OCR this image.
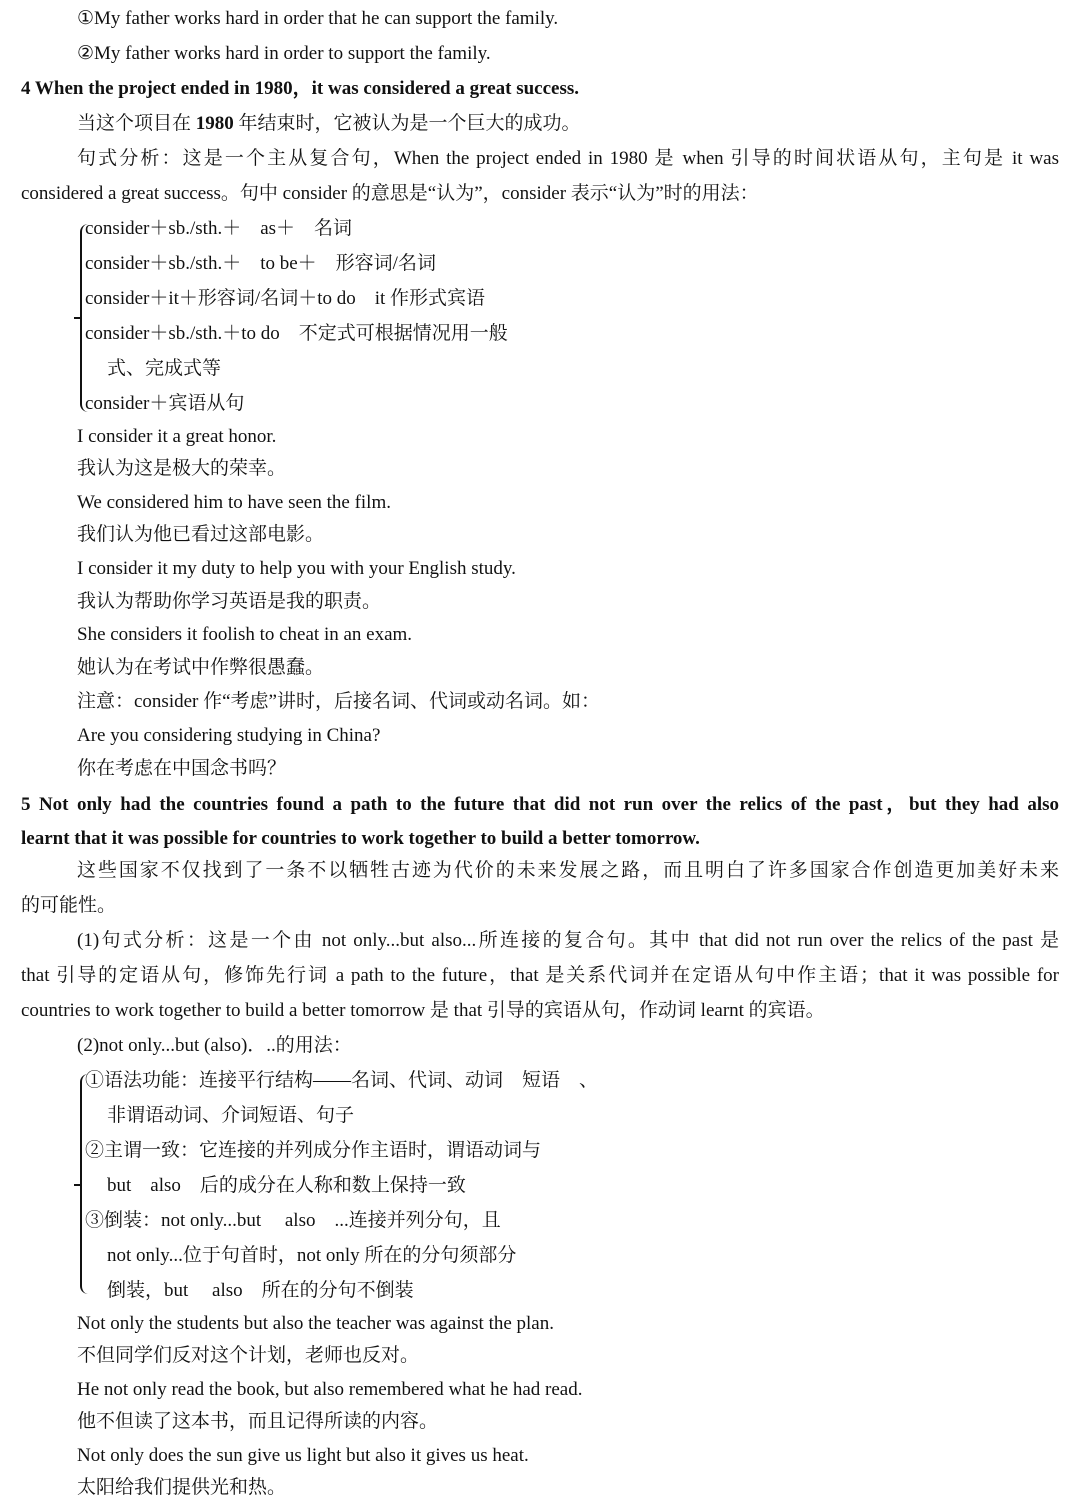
①My father works hard in order that he can support the family.
②My father works hard in order to support the family.
4 When the project ended in 1980，it was considered a great success.
当这个项目在 1980 年结束时，它被认为是一个巨大的成功。
句式分析：这是一个主从复合句，When the project ended in 1980 是 when 引导的时间状语从句，主句是 it was
considered a great success。句中 consider 的意思是“认为”，consider 表示“认为”时的用法：
consider＋sb./sth.＋　as＋　名词
consider＋sb./sth.＋　to be＋　形容词/名词
consider＋it＋形容词/名词＋to do　it 作形式宾语
consider＋sb./sth.＋to do　不定式可根据情况用一般
式、完成式等
consider＋宾语从句
I consider it a great honor.
我认为这是极大的荣幸。
We considered him to have seen the film.
我们认为他已看过这部电影。
I consider it my duty to help you with your English study.
我认为帮助你学习英语是我的职责。
She considers it foolish to cheat in an exam.
她认为在考试中作弊很愚蠢。
注意：consider 作“考虑”讲时，后接名词、代词或动名词。如：
Are you considering studying in China?
你在考虑在中国念书吗？
5 Not only had the countries found a path to the future that did not run over the relics of the past，but they had also
learnt that it was possible for countries to work together to build a better tomorrow.
这些国家不仅找到了一条不以牺牲古迹为代价的未来发展之路，而且明白了许多国家合作创造更加美好未来
的可能性。
(1)句式分析：这是一个由 not only...but also...所连接的复合句。其中 that did not run over the relics of the past 是
that 引导的定语从句，修饰先行词 a path to the future，that 是关系代词并在定语从句中作主语；that it was possible for
countries to work together to build a better tomorrow 是 that 引导的宾语从句，作动词 learnt 的宾语。
(2)not only...but (also)．..的用法：
①语法功能：连接平行结构——名词、代词、动词　短语　、
非谓语动词、介词短语、句子
②主谓一致：它连接的并列成分作主语时，谓语动词与
but　also　后的成分在人称和数上保持一致
③倒装：not only...but　 also　...连接并列分句，且
not only...位于句首时，not only 所在的分句须部分
倒装，but　 also　所在的分句不倒装
Not only the students but also the teacher was against the plan.
不但同学们反对这个计划，老师也反对。
He not only read the book, but also remembered what he had read.
他不但读了这本书，而且记得所读的内容。
Not only does the sun give us light but also it gives us heat.
太阳给我们提供光和热。
